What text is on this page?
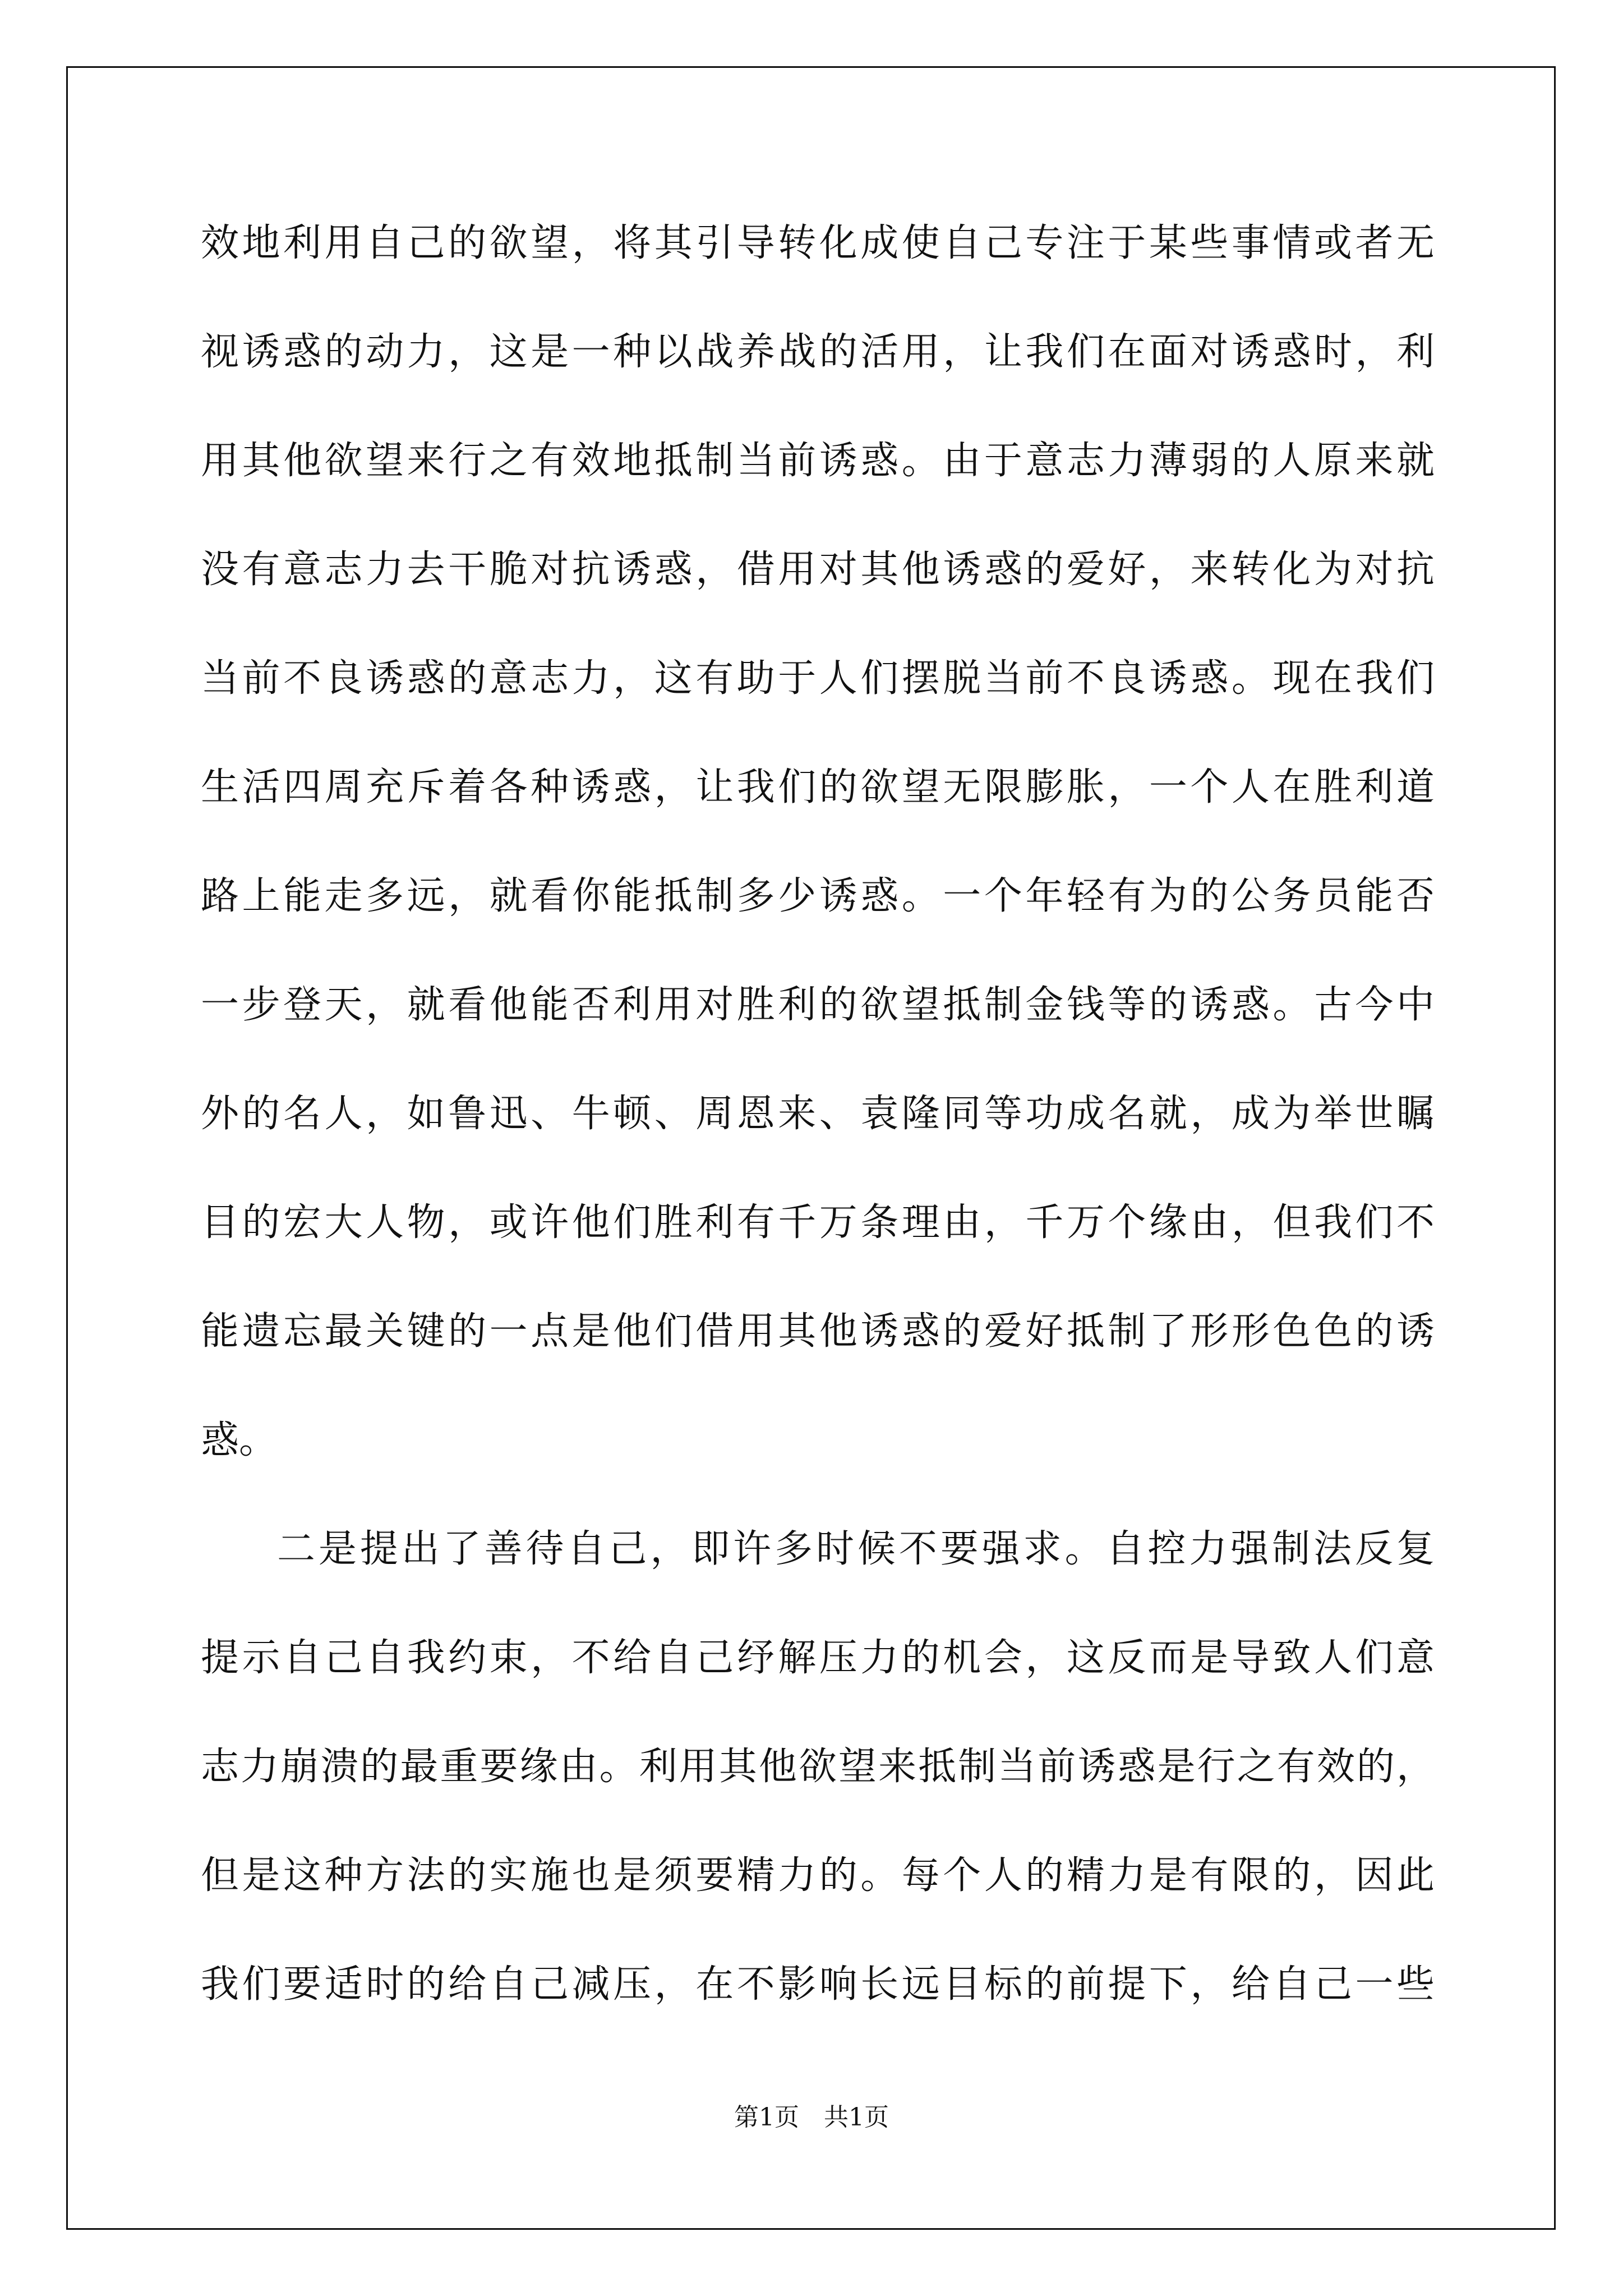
效地利用自己的欲望，将其引导转化成使自己专注于某些事情或者无
视诱惑的动力，这是一种以战养战的活用，让我们在面对诱惑时，利
用其他欲望来行之有效地抵制当前诱惑。由于意志力薄弱的人原来就
没有意志力去干脆对抗诱惑，借用对其他诱惑的爱好，来转化为对抗
当前不良诱惑的意志力，这有助于人们摆脱当前不良诱惑。现在我们
生活四周充斥着各种诱惑，让我们的欲望无限膨胀，一个人在胜利道
路上能走多远，就看你能抵制多少诱惑。一个年轻有为的公务员能否
一步登天，就看他能否利用对胜利的欲望抵制金钱等的诱惑。古今中
外的名人，如鲁迅、牛顿、周恩来、袁隆同等功成名就，成为举世瞩
目的宏大人物，或许他们胜利有千万条理由，千万个缘由，但我们不
能遗忘最关键的一点是他们借用其他诱惑的爱好抵制了形形色色的诱
惑。
二是提出了善待自己，即许多时候不要强求。自控力强制法反复
提示自己自我约束，不给自己纾解压力的机会，这反而是导致人们意
志力崩溃的最重要缘由。利用其他欲望来抵制当前诱惑是行之有效的，
但是这种方法的实施也是须要精力的。每个人的精力是有限的，因此
我们要适时的给自己减压，在不影响长远目标的前提下，给自己一些
第1页 共1页
